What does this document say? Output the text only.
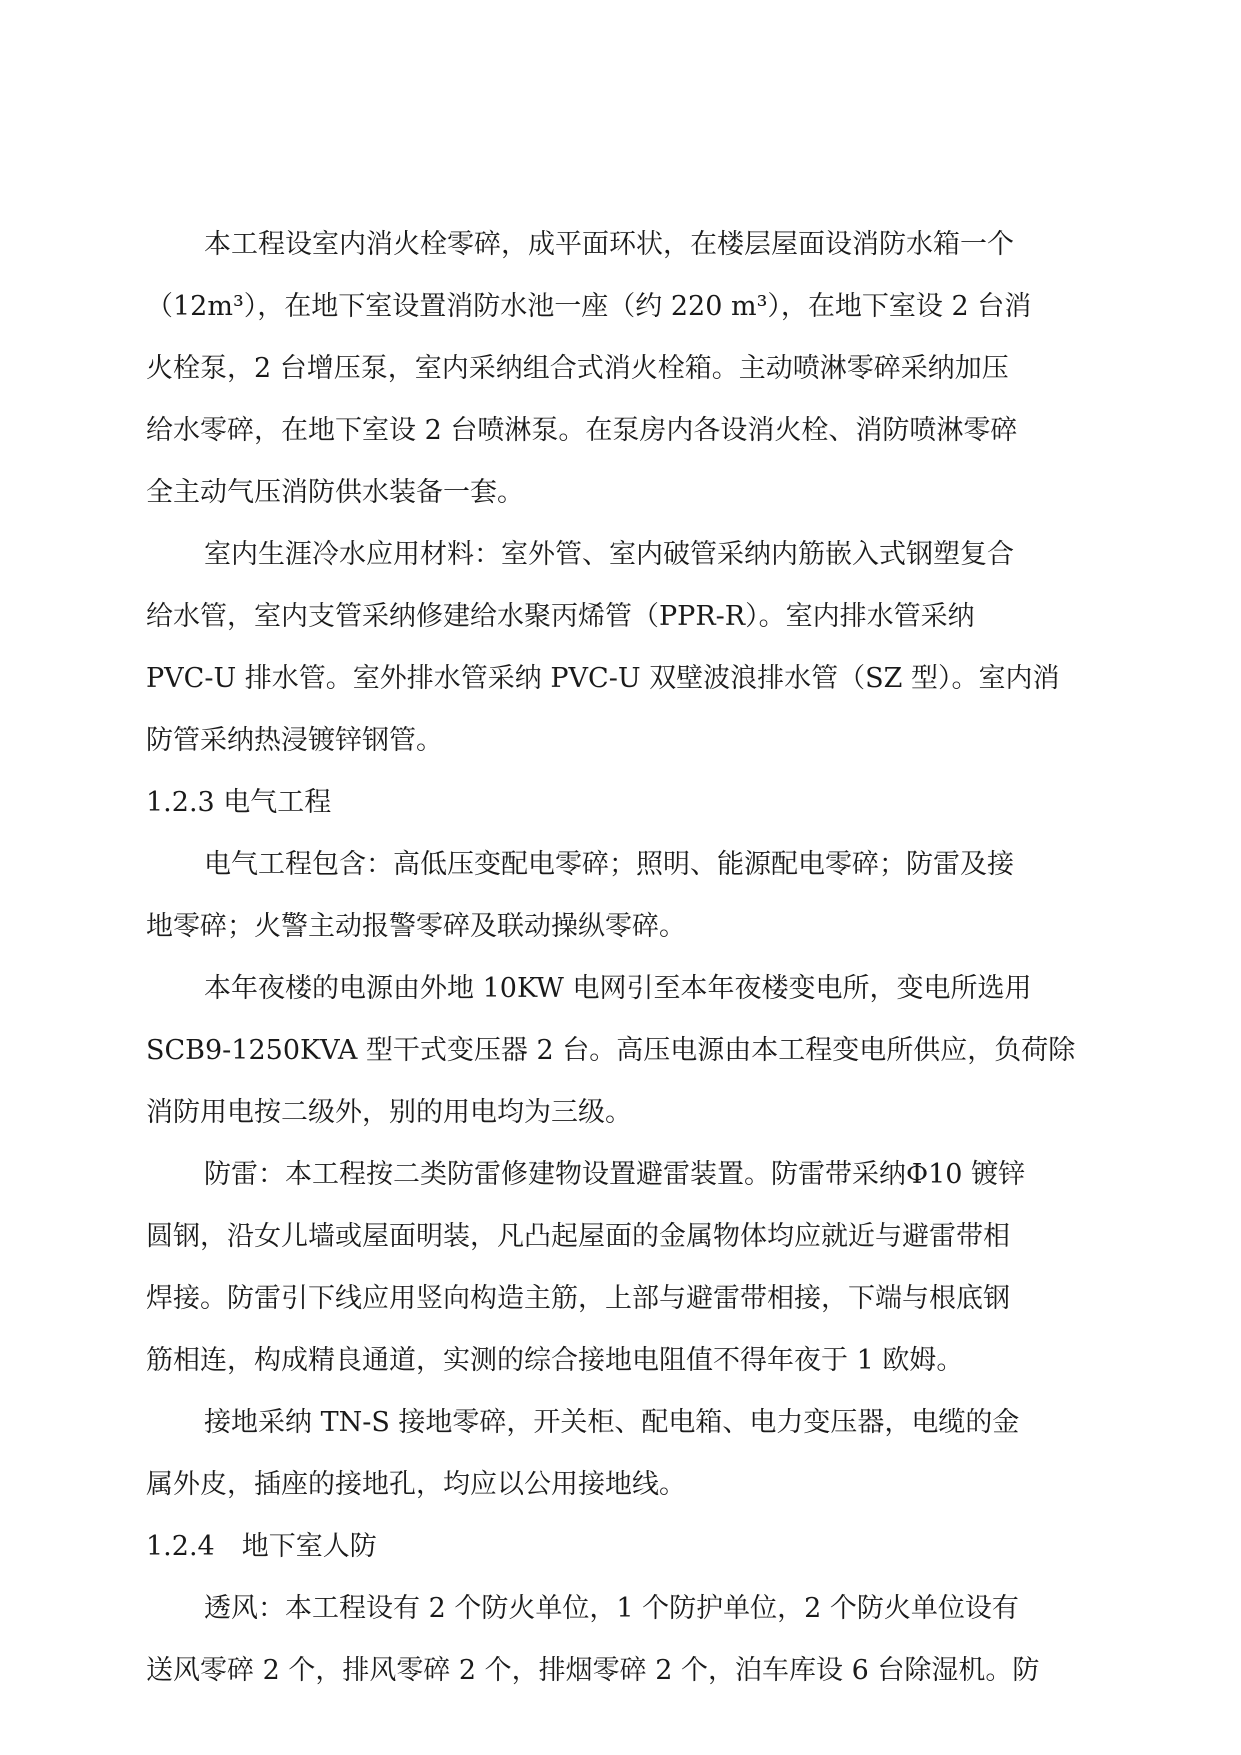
本工程设室内消火栓零碎，成平面环状，在楼层屋面设消防水箱一个
（12m³），在地下室设置消防水池一座（约 220 m³），在地下室设 2 台消
火栓泵，2 台增压泵，室内采纳组合式消火栓箱。主动喷淋零碎采纳加压
给水零碎，在地下室设 2 台喷淋泵。在泵房内各设消火栓、消防喷淋零碎
全主动气压消防供水装备一套。
室内生涯冷水应用材料：室外管、室内破管采纳内筋嵌入式钢塑复合
给水管，室内支管采纳修建给水聚丙烯管（PPR-R）。室内排水管采纳
PVC-U 排水管。室外排水管采纳 PVC-U 双壁波浪排水管（SZ 型）。室内消
防管采纳热浸镀锌钢管。
1.2.3 电气工程
电气工程包含：高低压变配电零碎；照明、能源配电零碎；防雷及接
地零碎；火警主动报警零碎及联动操纵零碎。
本年夜楼的电源由外地 10KW 电网引至本年夜楼变电所，变电所选用
SCB9-1250KVA 型干式变压器 2 台。高压电源由本工程变电所供应，负荷除
消防用电按二级外，别的用电均为三级。
防雷：本工程按二类防雷修建物设置避雷装置。防雷带采纳Φ10 镀锌
圆钢，沿女儿墙或屋面明装，凡凸起屋面的金属物体均应就近与避雷带相
焊接。防雷引下线应用竖向构造主筋，上部与避雷带相接，下端与根底钢
筋相连，构成精良通道，实测的综合接地电阻值不得年夜于 1 欧姆。
接地采纳 TN-S 接地零碎，开关柜、配电箱、电力变压器，电缆的金
属外皮，插座的接地孔，均应以公用接地线。
1.2.4　地下室人防
透风：本工程设有 2 个防火单位，1 个防护单位，2 个防火单位设有
送风零碎 2 个，排风零碎 2 个，排烟零碎 2 个，泊车库设 6 台除湿机。防
